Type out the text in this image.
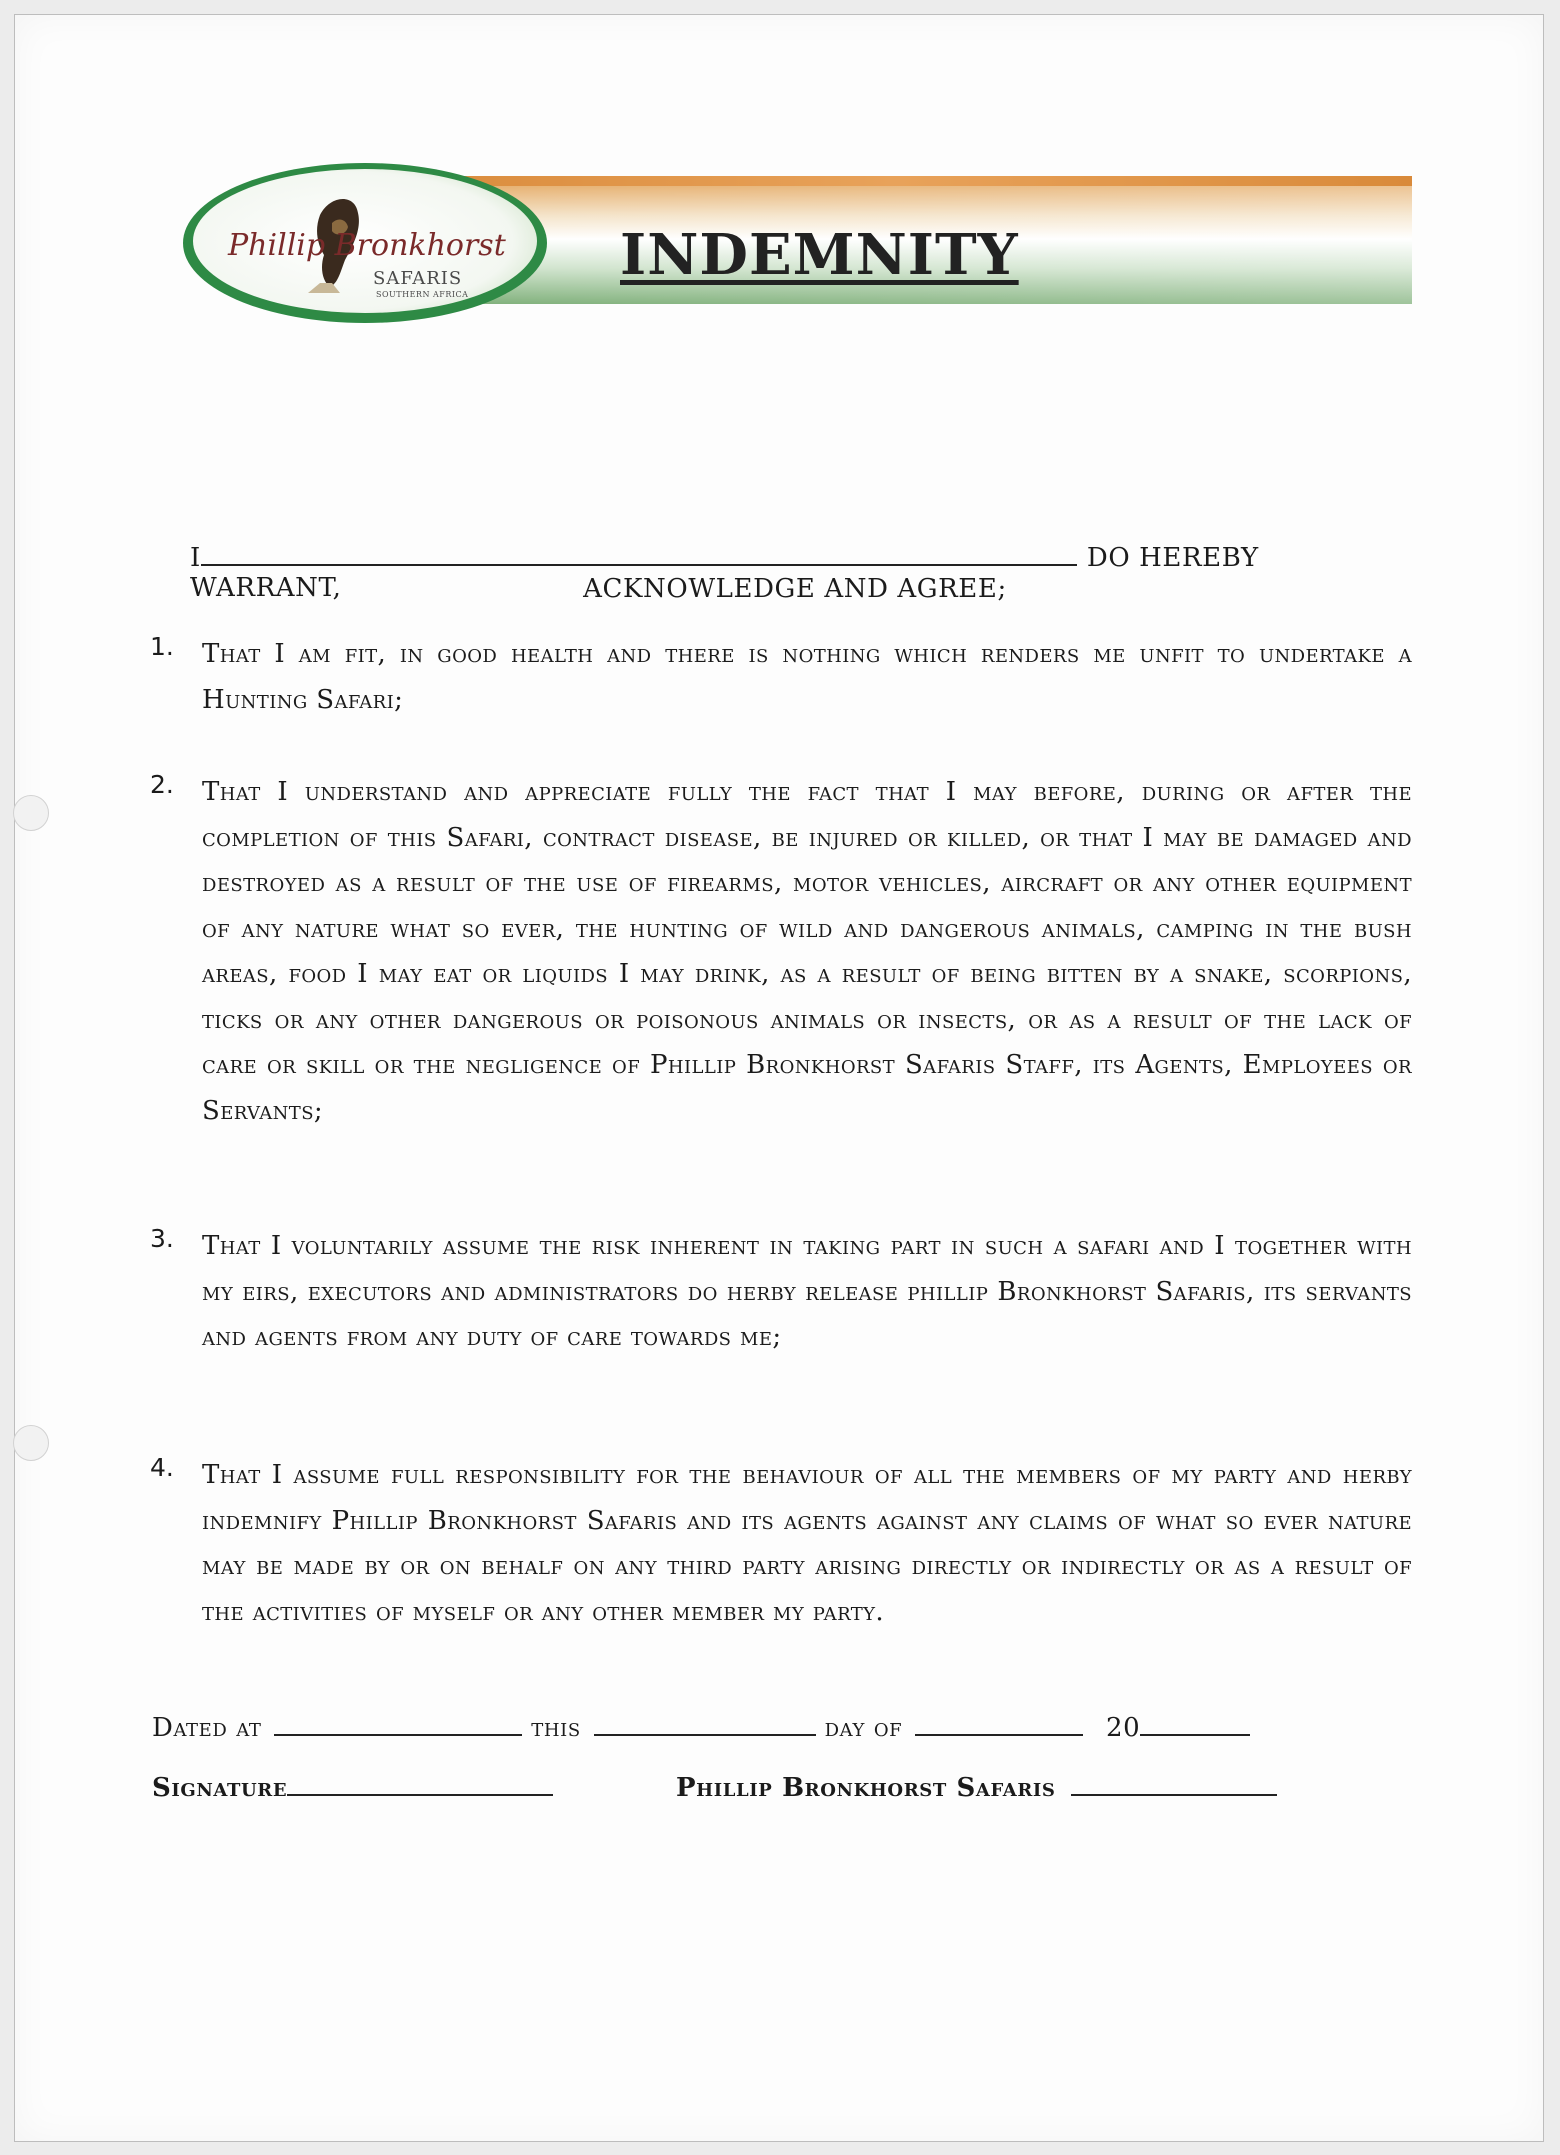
Phillip Bronkhorst
SAFARIS
SOUTHERN AFRICA
INDEMNITY
I	DO HEREBY WARRANT,	ACKNOWLEDGE AND AGREE;
1. That I am fit, in good health and there is nothing which renders me unfit to undertake a Hunting Safari;
2. That I understand and appreciate fully the fact that I may before, during or after the completion of this Safari, contract disease, be injured or killed, or that I may be damaged and destroyed as a result of the use of firearms, motor vehicles, aircraft or any other equipment of any nature what so ever, the hunting of wild and dangerous animals, camping in the bush areas, food I may eat or liquids I may drink, as a result of being bitten by a snake, scorpions, ticks or any other dangerous or poisonous animals or insects, or as a result of the lack of care or skill or the negligence of Phillip Bronkhorst Safaris Staff, its Agents, Employees or Servants;
3. That I voluntarily assume the risk inherent in taking part in such a safari and I together with my eirs, executors and administrators do herby release phillip Bronkhorst Safaris, its servants and agents from any duty of care towards me;
4. That I assume full responsibility for the behaviour of all the members of my party and herby indemnify Phillip Bronkhorst Safaris and its agents against any claims of what so ever nature may be made by or on behalf on any third party arising directly or indirectly or as a result of the activities of myself or any other member my party.
Dated at	this	day of	20
Signature	Phillip Bronkhorst Safaris
